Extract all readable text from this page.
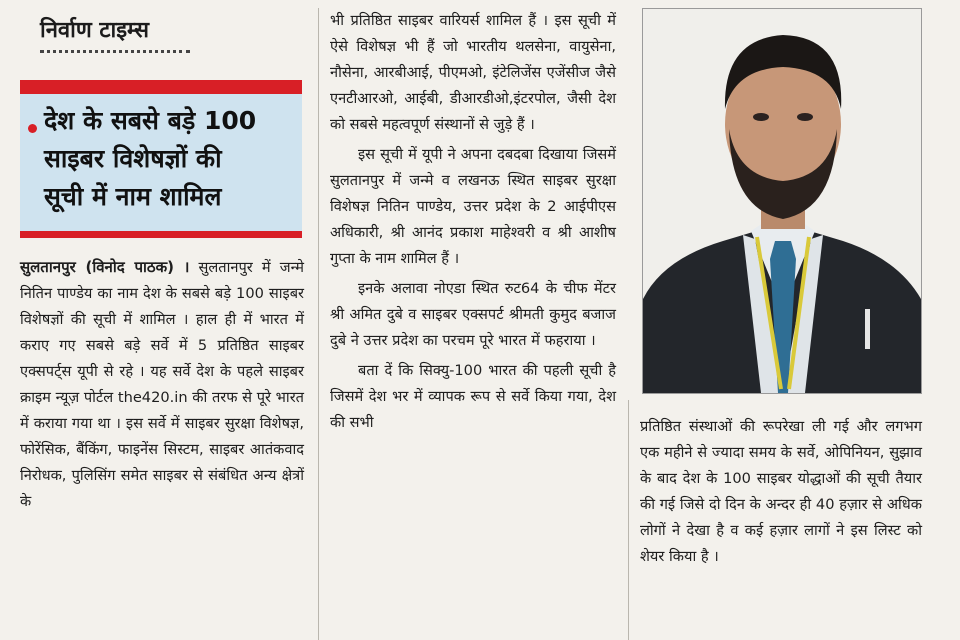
निर्वाण टाइम्स
देश के सबसे बड़े 100
साइबर विशेषज्ञों की
सूची में नाम शामिल

सुलतानपुर (विनोद पाठक) । सुलतानपुर में जन्मे नितिन पाण्डेय का नाम देश के सबसे बड़े 100 साइबर विशेषज्ञों की सूची में शामिल । हाल ही में भारत में कराए गए सबसे बड़े सर्वे में 5 प्रतिष्ठित साइबर एक्सपर्ट्स यूपी से रहे । यह सर्वे देश के पहले साइबर क्राइम न्यूज़ पोर्टल the420.in की तरफ से पूरे भारत में कराया गया था । इस सर्वे में साइबर सुरक्षा विशेषज्ञ, फोरेंसिक, बैंकिंग, फाइनेंस सिस्टम, साइबर आतंकवाद निरोधक, पुलिसिंग समेत साइबर से संबंधित अन्य क्षेत्रों के

भी प्रतिष्ठित साइबर वारियर्स शामिल हैं । इस सूची में ऐसे विशेषज्ञ भी हैं जो भारतीय थलसेना, वायुसेना, नौसेना, आरबीआई, पीएमओ, इंटेलिजेंस एजेंसीज जैसे एनटीआरओ, आईबी, डीआरडीओ,इंटरपोल, जैसी देश को सबसे महत्वपूर्ण संस्थानों से जुड़े हैं ।

इस सूची में यूपी ने अपना दबदबा दिखाया जिसमें सुलतानपुर में जन्मे व लखनऊ स्थित साइबर सुरक्षा विशेषज्ञ नितिन पाण्डेय, उत्तर प्रदेश के 2 आईपीएस अधिकारी, श्री आनंद प्रकाश माहेश्वरी व श्री आशीष गुप्ता के नाम शामिल हैं ।

इनके अलावा नोएडा स्थित रुट64 के चीफ मेंटर श्री अमित दुबे व साइबर एक्सपर्ट श्रीमती कुमुद बजाज दुबे ने उत्तर प्रदेश का परचम पूरे भारत में फहराया ।

बता दें कि सिक्यु-100 भारत की पहली सूची है जिसमें देश भर में व्यापक रूप से सर्वे किया गया, देश की सभी	प्रतिष्ठित संस्थाओं की रूपरेखा ली गई और लगभग एक महीने से ज्यादा समय के सर्वे, ओपिनियन, सुझाव के बाद देश के 100 साइबर योद्धाओं की सूची तैयार की गई जिसे दो दिन के अन्दर ही 40 हज़ार से अधिक लोगों ने देखा है व कई हज़ार लागों ने इस लिस्ट को शेयर किया है ।
